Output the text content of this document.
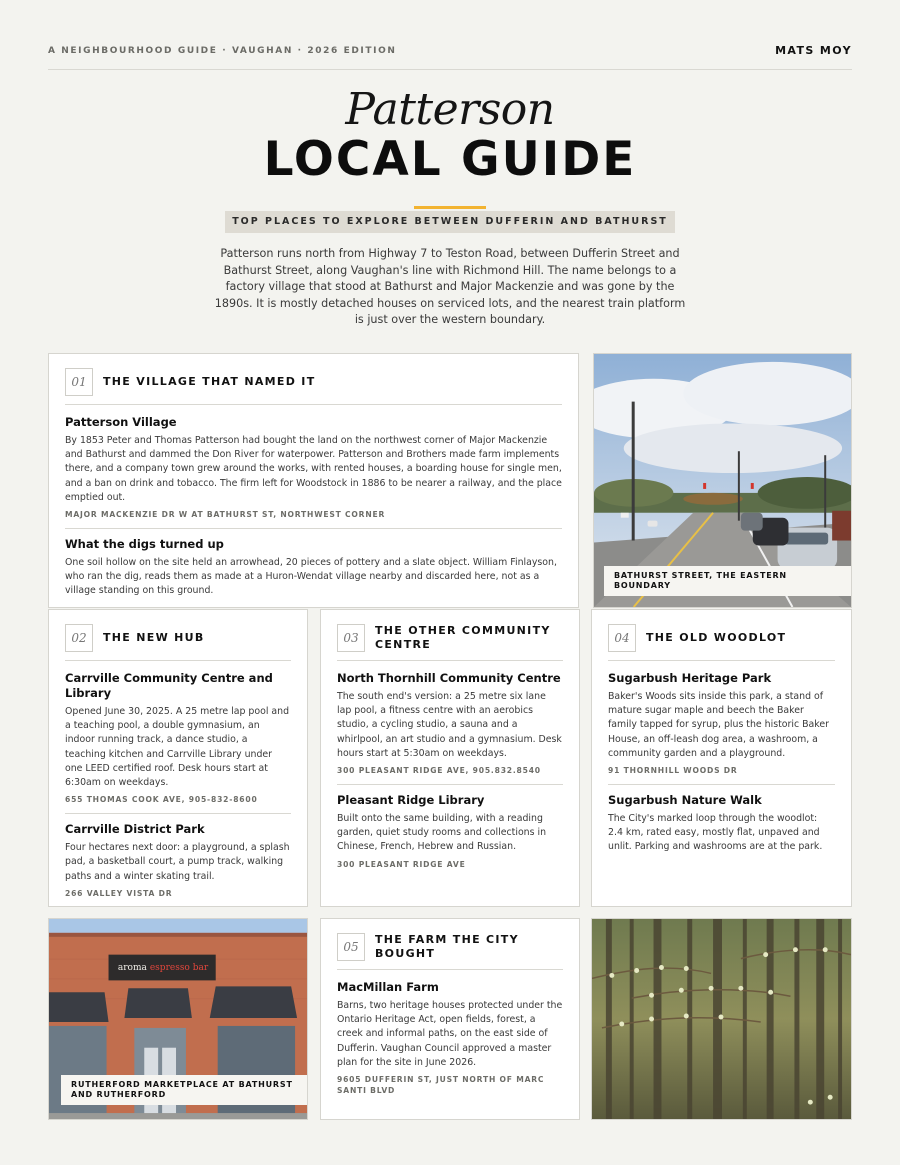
A NEIGHBOURHOOD GUIDE · VAUGHAN · 2026 EDITION	MATS MOY
Patterson
LOCAL GUIDE
TOP PLACES TO EXPLORE BETWEEN DUFFERIN AND BATHURST
Patterson runs north from Highway 7 to Teston Road, between Dufferin Street and Bathurst Street, along Vaughan's line with Richmond Hill. The name belongs to a factory village that stood at Bathurst and Major Mackenzie and was gone by the 1890s. It is mostly detached houses on serviced lots, and the nearest train platform is just over the western boundary.
01	THE VILLAGE THAT NAMED IT
Patterson Village
By 1853 Peter and Thomas Patterson had bought the land on the northwest corner of Major Mackenzie and Bathurst and dammed the Don River for waterpower. Patterson and Brothers made farm implements there, and a company town grew around the works, with rented houses, a boarding house for single men, and a ban on drink and tobacco. The firm left for Woodstock in 1886 to be nearer a railway, and the place emptied out.
MAJOR MACKENZIE DR W AT BATHURST ST, NORTHWEST CORNER
What the digs turned up
One soil hollow on the site held an arrowhead, 20 pieces of pottery and a slate object. William Finlayson, who ran the dig, reads them as made at a Huron-Wendat village nearby and discarded here, not as a village standing on this ground.
BATHURST STREET, THE EASTERN BOUNDARY
02	THE NEW HUB
Carrville Community Centre and Library
Opened June 30, 2025. A 25 metre lap pool and a teaching pool, a double gymnasium, an indoor running track, a dance studio, a teaching kitchen and Carrville Library under one LEED certified roof. Desk hours start at 6:30am on weekdays.
655 THOMAS COOK AVE, 905-832-8600
Carrville District Park
Four hectares next door: a playground, a splash pad, a basketball court, a pump track, walking paths and a winter skating trail.
266 VALLEY VISTA DR
03
THE OTHER COMMUNITY CENTRE
North Thornhill Community Centre
The south end's version: a 25 metre six lane lap pool, a fitness centre with an aerobics studio, a cycling studio, a sauna and a whirlpool, an art studio and a gymnasium. Desk hours start at 5:30am on weekdays.
300 PLEASANT RIDGE AVE, 905.832.8540
Pleasant Ridge Library
Built onto the same building, with a reading garden, quiet study rooms and collections in Chinese, French, Hebrew and Russian.
300 PLEASANT RIDGE AVE
04	THE OLD WOODLOT
Sugarbush Heritage Park
Baker's Woods sits inside this park, a stand of mature sugar maple and beech the Baker family tapped for syrup, plus the historic Baker House, an off-leash dog area, a washroom, a community garden and a playground.
91 THORNHILL WOODS DR
Sugarbush Nature Walk
The City's marked loop through the woodlot: 2.4 km, rated easy, mostly flat, unpaved and unlit. Parking and washrooms are at the park.
aroma espresso bar
RUTHERFORD MARKETPLACE AT BATHURST AND RUTHERFORD
05
THE FARM THE CITY BOUGHT
MacMillan Farm
Barns, two heritage houses protected under the Ontario Heritage Act, open fields, forest, a creek and informal paths, on the east side of Dufferin. Vaughan Council approved a master plan for the site in June 2026.
9605 DUFFERIN ST, JUST NORTH OF MARC SANTI BLVD
